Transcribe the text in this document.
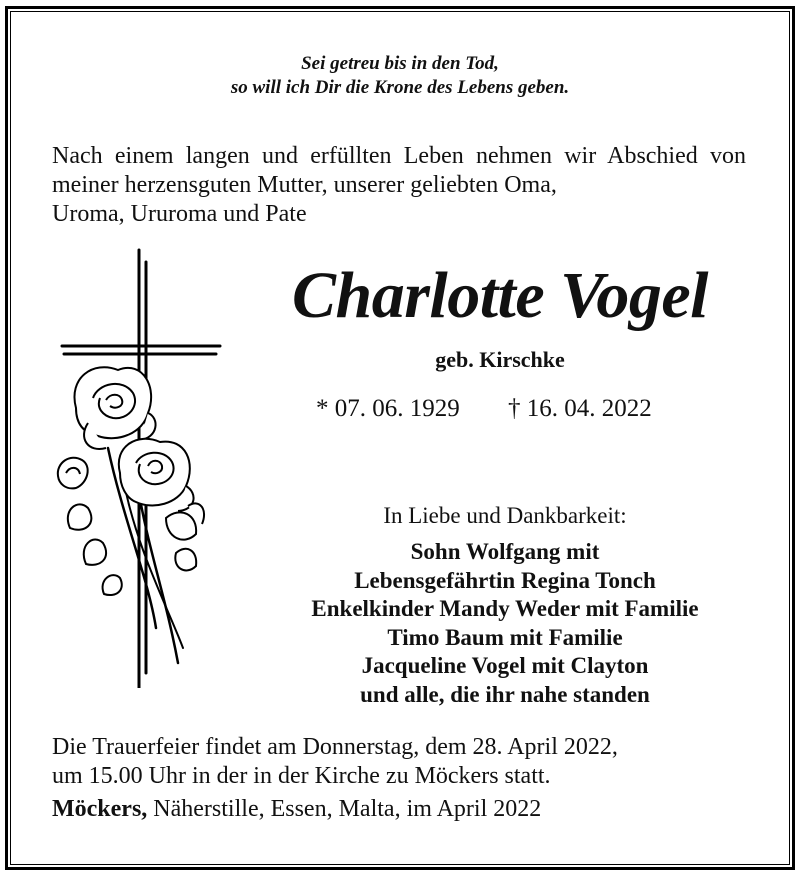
Sei getreu bis in den Tod,
so will ich Dir die Krone des Lebens geben.
Nach einem langen und erfüllten Leben nehmen wir Abschied von meiner herzensguten Mutter, unserer geliebten Oma,
Uroma, Ururoma und Pate
Charlotte Vogel
geb. Kirschke
* 07. 06. 1929 † 16. 04. 2022
In Liebe und Dankbarkeit:
Sohn Wolfgang mit
Lebensgefährtin Regina Tonch
Enkelkinder Mandy Weder mit Familie
Timo Baum mit Familie
Jacqueline Vogel mit Clayton
und alle, die ihr nahe standen
Die Trauerfeier findet am Donnerstag, dem 28. April 2022,
um 15.00 Uhr in der in der Kirche zu Möckers statt.
Möckers, Näherstille, Essen, Malta, im April 2022
